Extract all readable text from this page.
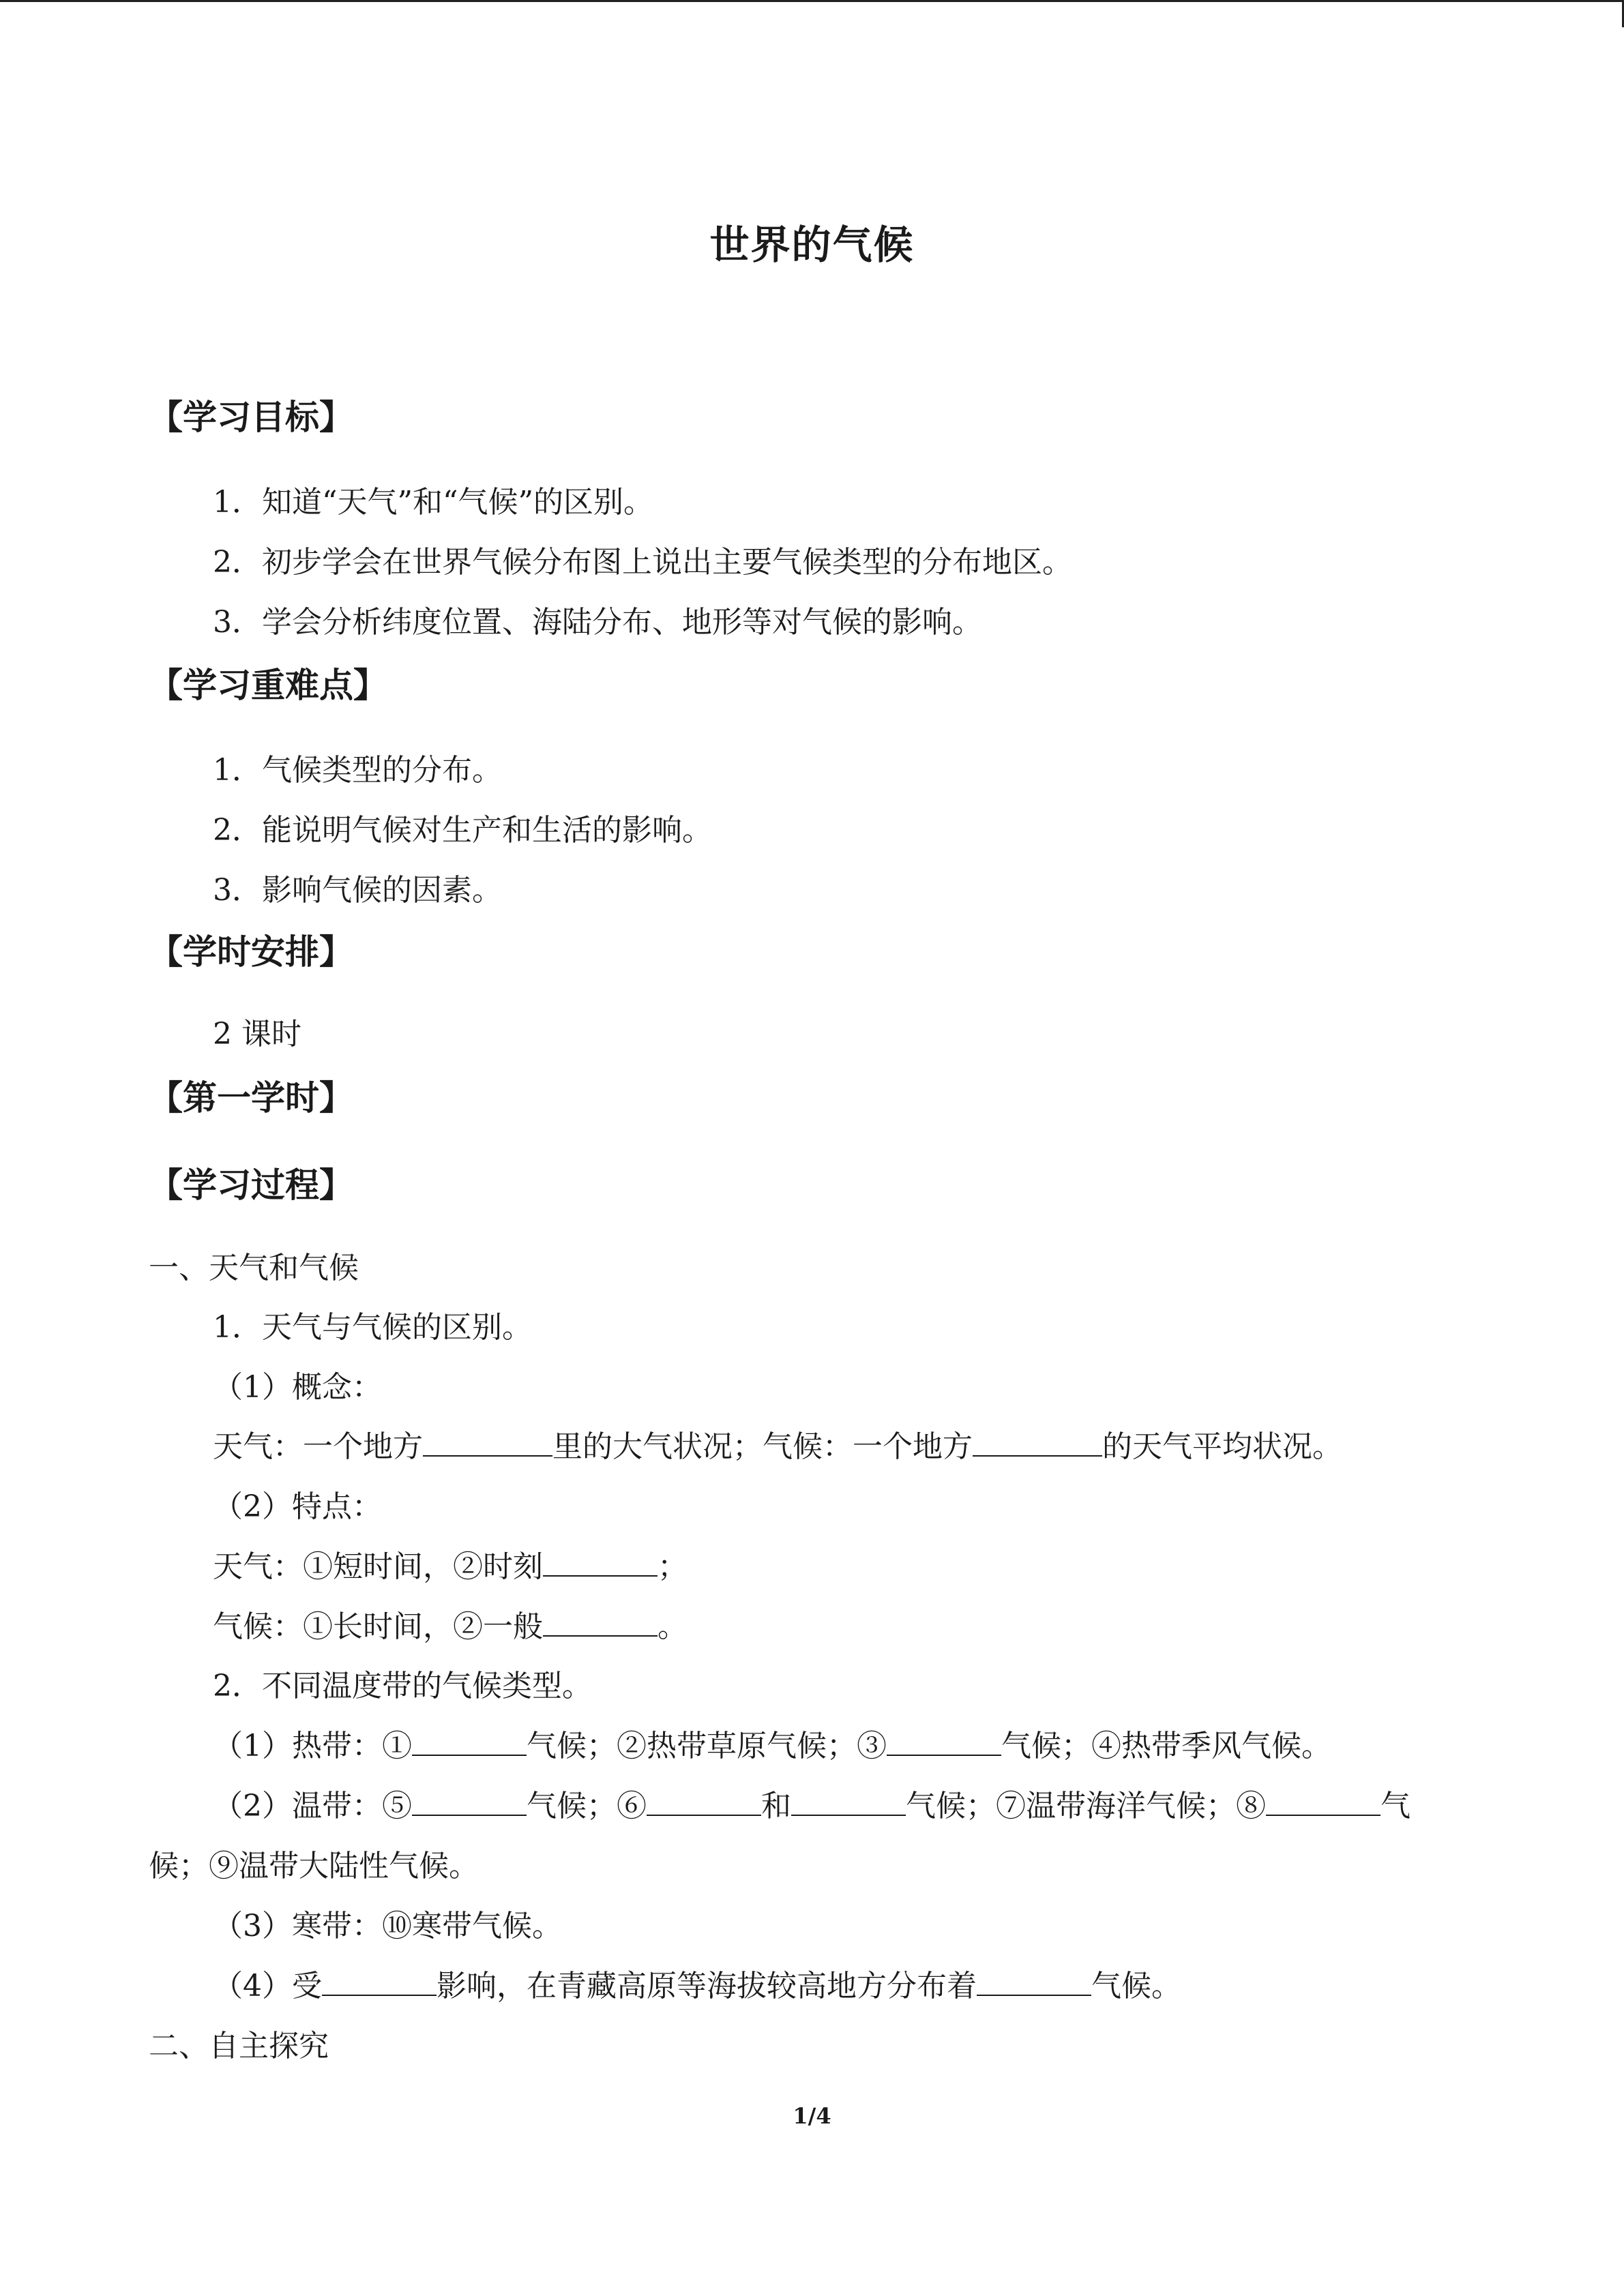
世界的气候
【学习目标】
1．知道“天气”和“气候”的区别。
2．初步学会在世界气候分布图上说出主要气候类型的分布地区。
3．学会分析纬度位置、海陆分布、地形等对气候的影响。
【学习重难点】
1．气候类型的分布。
2．能说明气候对生产和生活的影响。
3．影响气候的因素。
【学时安排】
2 课时
【第一学时】
【学习过程】
一、天气和气候
1．天气与气候的区别。
（1）概念：
天气：一个地方	里的大气状况；气候：一个地方	的天气平均状况。
（2）特点：
天气：①短时间，②时刻	；
气候：①长时间，②一般	。
2．不同温度带的气候类型。
（1）热带：①	气候；②热带草原气候；③	气候；④热带季风气候。
（2）温带：⑤	气候；⑥	和	气候；⑦温带海洋气候；⑧	气
候；⑨温带大陆性气候。
（3）寒带：⑩寒带气候。
（4）受	影响，在青藏高原等海拔较高地方分布着	气候。
二、自主探究
1/4
